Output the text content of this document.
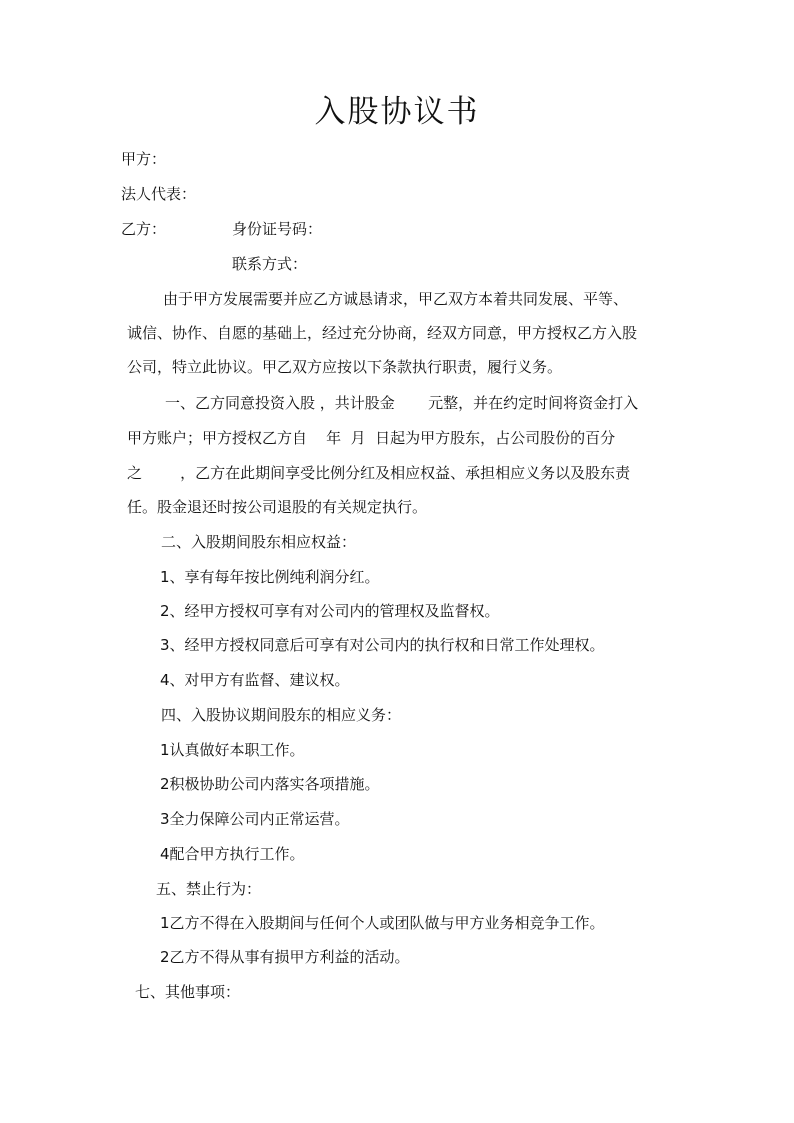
入股协议书
甲方：
法人代表：
乙方：	身份证号码：
联系方式：
由于甲方发展需要并应乙方诚恳请求，甲乙双方本着共同发展、平等、
诚信、协作、自愿的基础上，经过充分协商，经双方同意，甲方授权乙方入股
公司，特立此协议。甲乙双方应按以下条款执行职责，履行义务。
一、乙方同意投资入股 ，共计股金       元整，并在约定时间将资金打入
甲方账户；甲方授权乙方自    年  月  日起为甲方股东，占公司股份的百分
之        ，乙方在此期间享受比例分红及相应权益、承担相应义务以及股东责
任。股金退还时按公司退股的有关规定执行。
二、入股期间股东相应权益：
1、享有每年按比例纯利润分红。
2、经甲方授权可享有对公司内的管理权及监督权。
3、经甲方授权同意后可享有对公司内的执行权和日常工作处理权。
4、对甲方有监督、建议权。
四、入股协议期间股东的相应义务：
1认真做好本职工作。
2积极协助公司内落实各项措施。
3全力保障公司内正常运营。
4配合甲方执行工作。
五、禁止行为：
1乙方不得在入股期间与任何个人或团队做与甲方业务相竞争工作。
2乙方不得从事有损甲方利益的活动。
七、其他事项：
